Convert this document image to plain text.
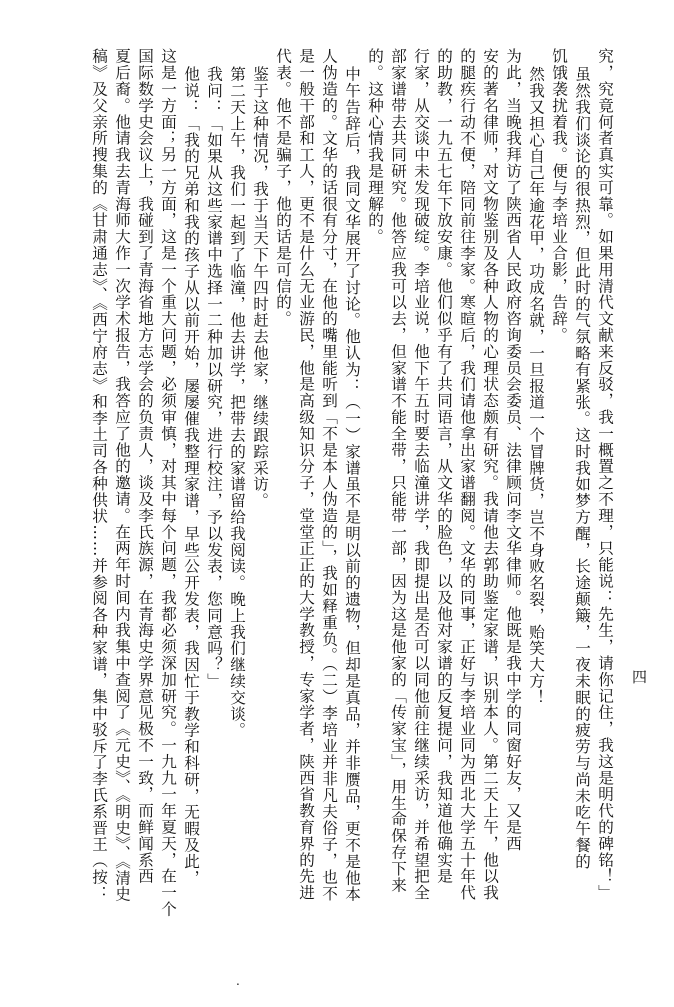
究，究竟何者真实可靠。如果用清代文献来反驳，我一概置之不理，只能说：先生，请你记住，我这是明代的碑铭！」
虽然我们谈论的很热烈，但此时的气氛略有紧张。这时我如梦方醒，长途颠簸，一夜未眠的疲劳与尚未吃午餐的
饥饿袭扰着我。便与李培业合影，告辞。
然我又担心自己年逾花甲，功成名就，一旦报道一个冒牌货，岂不身败名裂，贻笑大方！
为此，当晚我拜访了陕西省人民政府咨询委员会委员、法律顾问李文华律师。他既是我中学的同窗好友，又是西
安的著名律师，对文物鉴别及各种人物的心理状态颇有研究。我请他去郭助鉴定家谱，识别本人。第二天上午，他以我
的腿疾行动不便，陪同前往李家。寒暄后，我们请他拿出家谱翻阅。文华的同事，正好与李培业同为西北大学五十年代
的助教，一九五七年下放安康。他们似乎有了共同语言，从文华的脸色，以及他对家谱的反复提问，我知道他确实是
行家，从交谈中未发现破绽。李培业说，他下午五时要去临潼讲学，我即提出是否可以同他前往继续采访，并希望把全
部家谱带去共同研究。他答应我可以去，但家谱不能全带，只能带一部，因为这是他家的「传家宝」，用生命保存下来
的。这种心情我是理解的。
中午告辞后，我同文华展开了讨论。他认为：（一）家谱虽不是明以前的遗物，但却是真品，并非赝品，更不是他本
人伪造的。文华的话很有分寸，在他的嘴里能听到「不是本人伪造的」，我如释重负。（二）李培业并非凡夫俗子，也不
是一般干部和工人，更不是什么无业游民，他是高级知识分子，堂堂正正的大学教授，专家学者，陕西省教育界的先进
代表。他不是骗子，他的话是可信的。
鉴于这种情况，我于当天下午四时赶去他家，继续跟踪采访。
第二天上午，我们一起到了临潼，他去讲学，把带去的家谱留给我阅读。晚上我们继续交谈。
我问：「如果从这些家谱中选择一二种加以研究，进行校注，予以发表，您同意吗？」
他说：「我的兄弟和我的孩子从以前开始，屡屡催我整理家谱，早些公开发表，我因忙于教学和科研，无暇及此，
这是一方面；另一方面，这是一个重大问题，必须审慎，对其中每个问题，我都必须深加研究。一九九一年夏天，在一个
国际数学史会议上，我碰到了青海省地方志学会的负责人，谈及李氏族源，在青海史学界意见极不一致，而鲜闻系西
夏后裔。他请我去青海师大作一次学术报告，我答应了他的邀请。在两年时间内我集中查阅了《元史》、《明史》、《清史
稿》及父亲所搜集的《甘肃通志》、《西宁府志》和李土司各种供状……并参阅各种家谱，集中驳斥了李氏系晋王（按：	四
.
